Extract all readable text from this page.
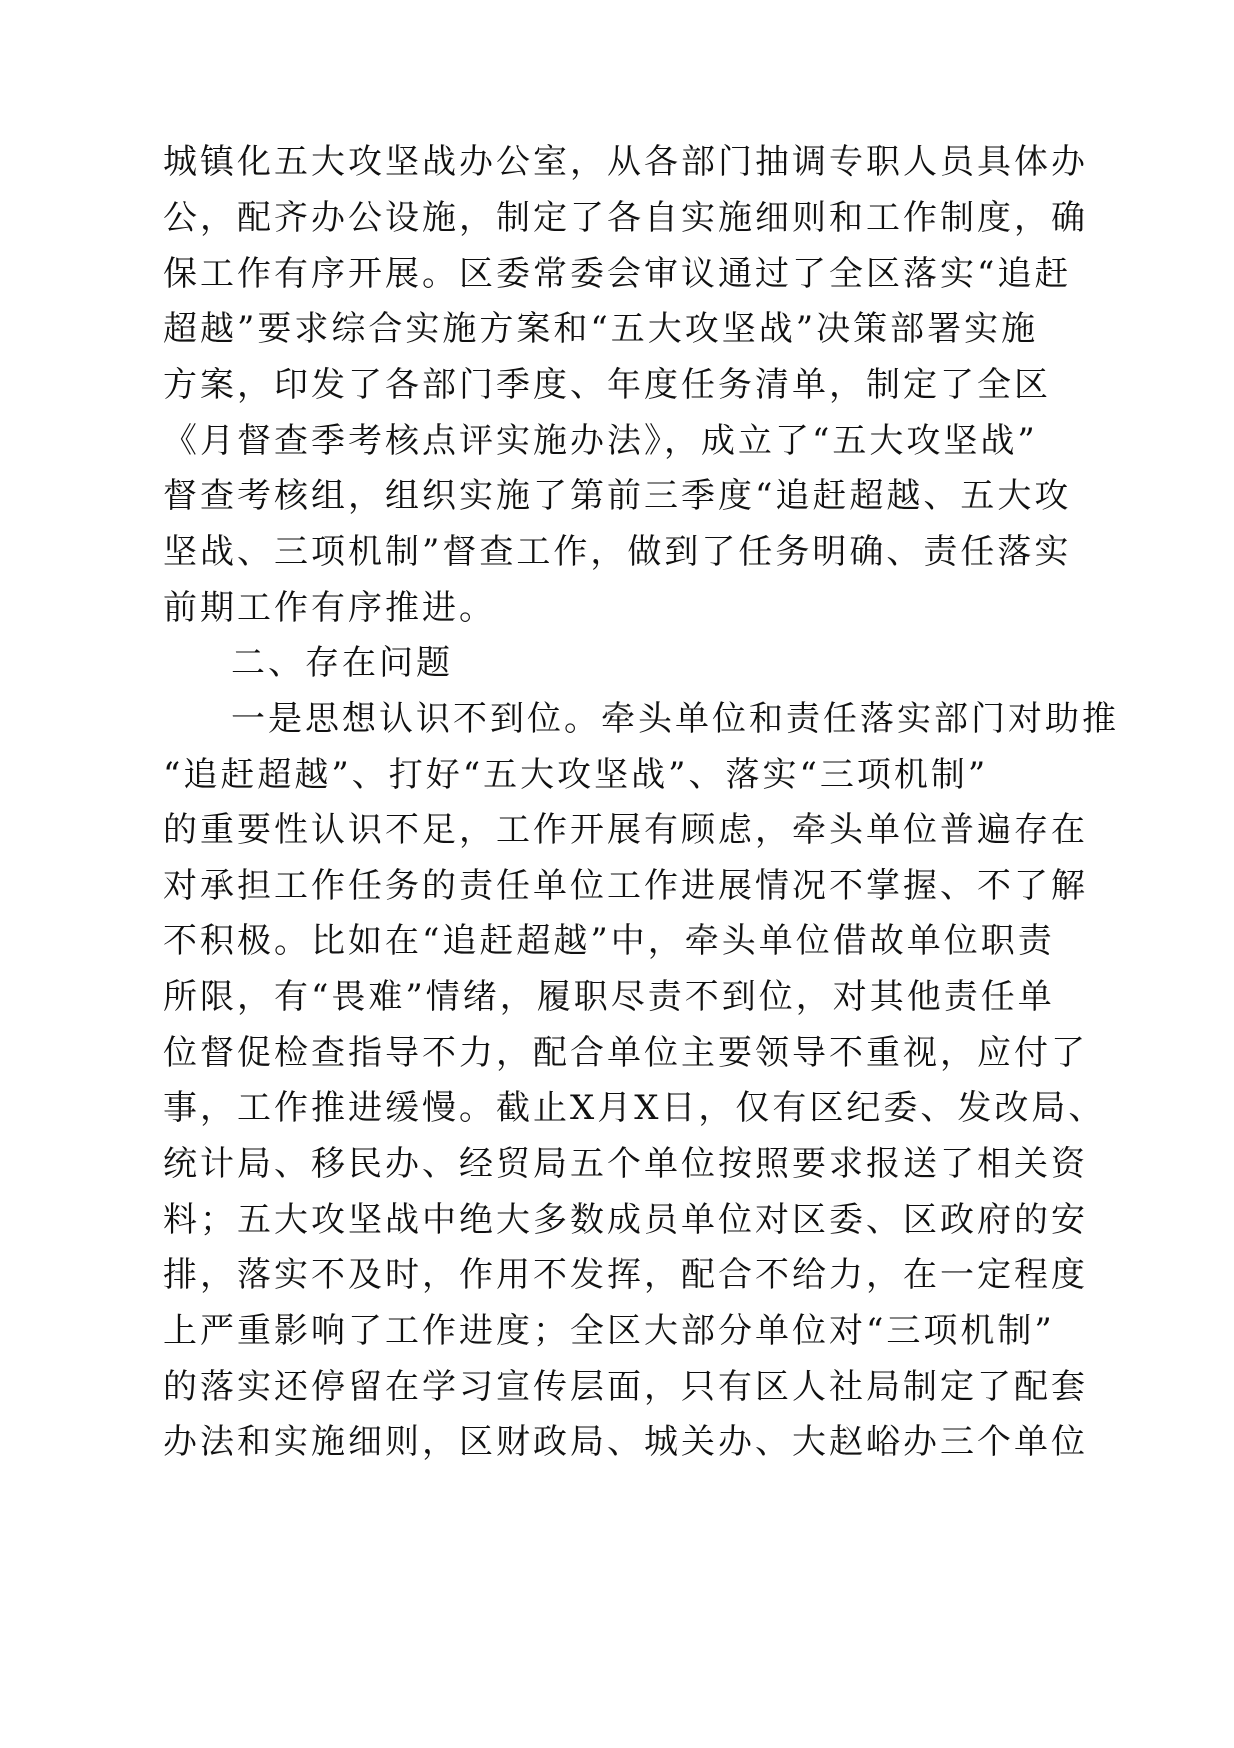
城镇化五大攻坚战办公室，从各部门抽调专职人员具体办
公，配齐办公设施，制定了各自实施细则和工作制度，确
保工作有序开展。区委常委会审议通过了全区落实“追赶
超越”要求综合实施方案和“五大攻坚战”决策部署实施
方案，印发了各部门季度、年度任务清单，制定了全区
《月督查季考核点评实施办法》，成立了“五大攻坚战”
督查考核组，组织实施了第前三季度“追赶超越、五大攻
坚战、三项机制”督查工作，做到了任务明确、责任落实
前期工作有序推进。
二、存在问题
一是思想认识不到位。牵头单位和责任落实部门对助推
“追赶超越”、打好“五大攻坚战”、落实“三项机制”
的重要性认识不足，工作开展有顾虑，牵头单位普遍存在
对承担工作任务的责任单位工作进展情况不掌握、不了解
不积极。比如在“追赶超越”中，牵头单位借故单位职责
所限，有“畏难”情绪，履职尽责不到位，对其他责任单
位督促检查指导不力，配合单位主要领导不重视，应付了
事，工作推进缓慢。截止X月X日，仅有区纪委、发改局、
统计局、移民办、经贸局五个单位按照要求报送了相关资
料；五大攻坚战中绝大多数成员单位对区委、区政府的安
排，落实不及时，作用不发挥，配合不给力，在一定程度
上严重影响了工作进度；全区大部分单位对“三项机制”
的落实还停留在学习宣传层面，只有区人社局制定了配套
办法和实施细则，区财政局、城关办、大赵峪办三个单位
